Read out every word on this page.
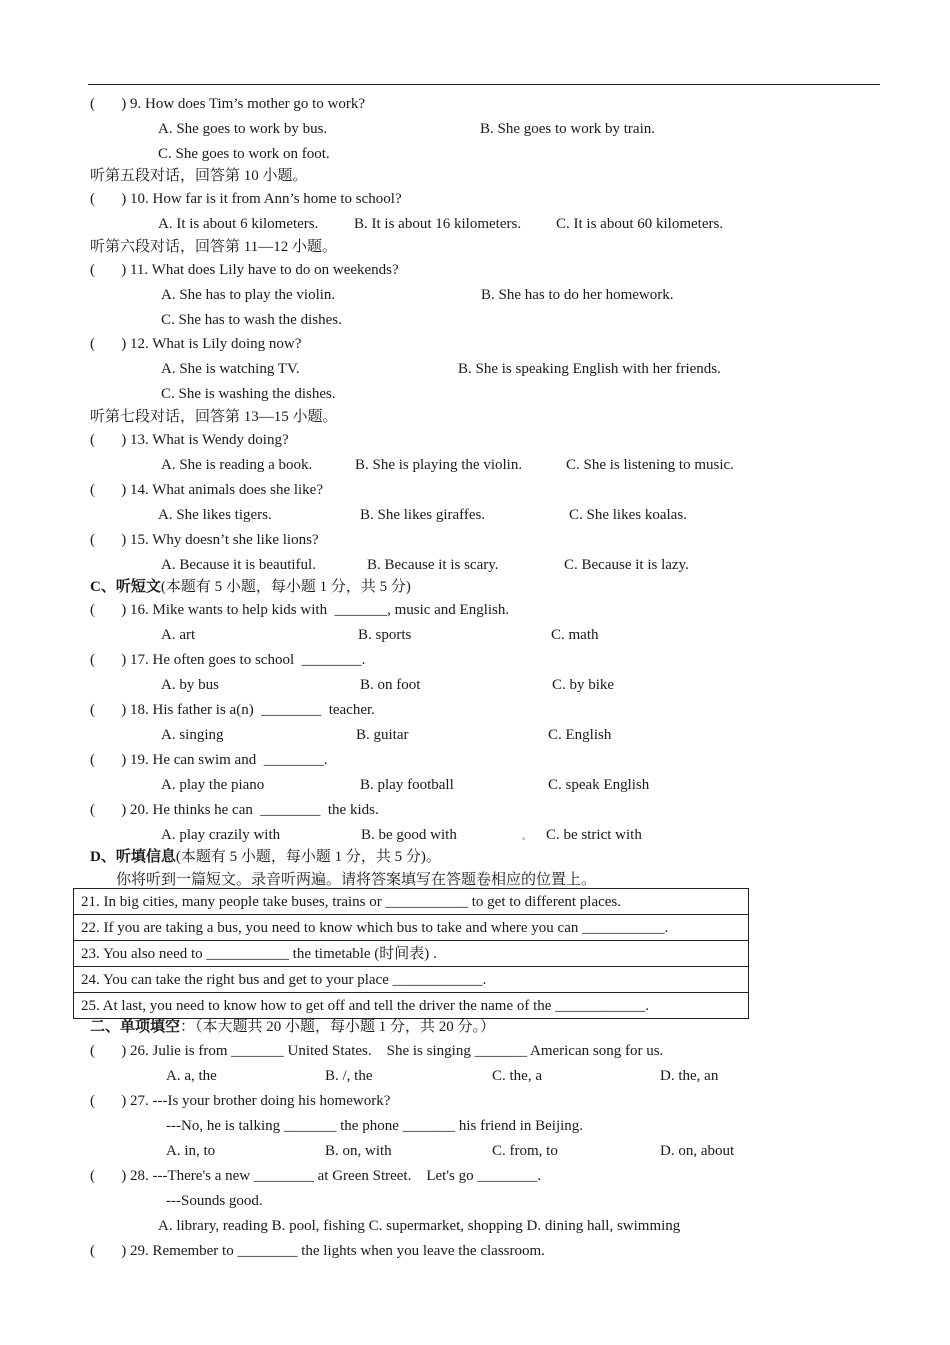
(       ) 9. How does Tim’s mother go to work?
A. She goes to work by bus.	B. She goes to work by train.
C. She goes to work on foot.
听第五段对话，回答第 10 小题。
(       ) 10. How far is it from Ann’s home to school?
A. It is about 6 kilometers. B. It is about 16 kilometers. C. It is about 60 kilometers.
听第六段对话，回答第 11—12 小题。
(       ) 11. What does Lily have to do on weekends?
A. She has to play the violin.	B. She has to do her homework.
C. She has to wash the dishes.
(       ) 12. What is Lily doing now?
A. She is watching TV.	B. She is speaking English with her friends.
C. She is washing the dishes.
听第七段对话，回答第 13—15 小题。
(       ) 13. What is Wendy doing?
A. She is reading a book.	B. She is playing the violin.	C. She is listening to music.
(       ) 14. What animals does she like?
A. She likes tigers.	B. She likes giraffes.	C. She likes koalas.
(       ) 15. Why doesn’t she like lions?
A. Because it is beautiful.	B. Because it is scary.	C. Because it is lazy.
C、听短文(本题有 5 小题，每小题 1 分，共 5 分)
(       ) 16. Mike wants to help kids with  _______, music and English.
A. art	B. sports	C. math
(       ) 17. He often goes to school  ________.
A. by bus	B. on foot	C. by bike
(       ) 18. His father is a(n)  ________  teacher.
A. singing	B. guitar	C. English
(       ) 19. He can swim and  ________.
A. play the piano	B. play football	C. speak English
(       ) 20. He thinks he can  ________  the kids.
A. play crazily with	B. be good with	。 C. be strict with
D、听填信息(本题有 5 小题，每小题 1 分，共 5 分)。
你将听到一篇短文。录音听两遍。请将答案填写在答题卷相应的位置上。
21. In big cities, many people take buses, trains or ___________ to get to different places.
22. If you are taking a bus, you need to know which bus to take and where you can ___________.
23. You also need to ___________ the timetable (时间表) .
24. You can take the right bus and get to your place ____________.
25. At last, you need to know how to get off and tell the driver the name of the ____________.
二、单项填空：（本大题共 20 小题，每小题 1 分，共 20 分。）
(       ) 26. Julie is from _______ United States.    She is singing _______ American song for us.
A. a, the	B. /, the	C. the, a	D. the, an
(       ) 27. ---Is your brother doing his homework?
---No, he is talking _______ the phone _______ his friend in Beijing.
A. in, to	B. on, with	C. from, to	D. on, about
(       ) 28. ---There's a new ________ at Green Street.    Let's go ________.
---Sounds good.
A. library, reading B. pool, fishing C. supermarket, shopping D. dining hall, swimming
(       ) 29. Remember to ________ the lights when you leave the classroom.
